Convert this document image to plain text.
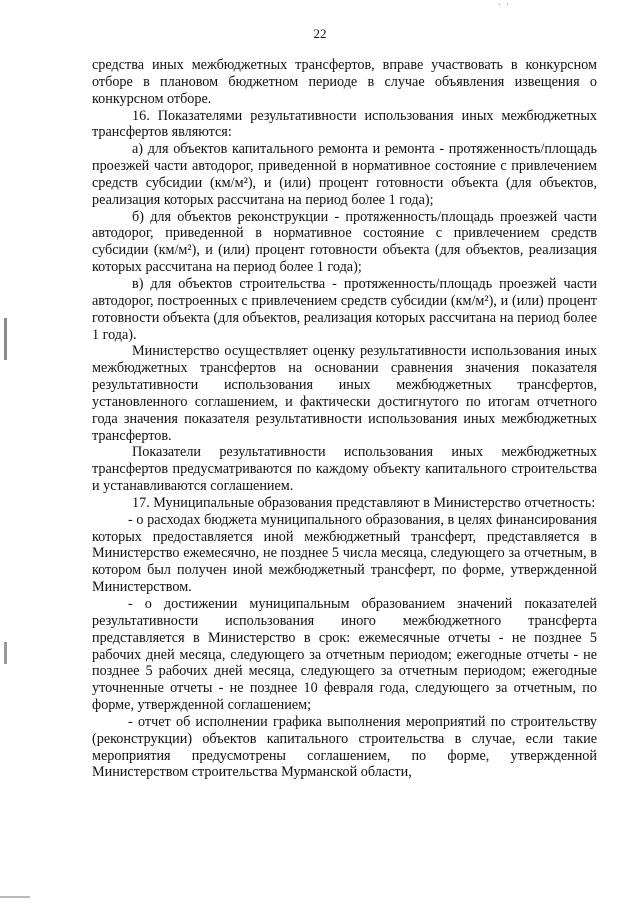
· ·
22

средства иных межбюджетных трансфертов, вправе участвовать в конкурсном отборе в плановом бюджетном периоде в случае объявления извещения о конкурсном отборе.

16. Показателями результативности использования иных межбюджетных трансфертов являются:

а) для объектов капитального ремонта и ремонта - протяженность/площадь проезжей части автодорог, приведенной в нормативное состояние с привлечением средств субсидии (км/м²), и (или) процент готовности объекта (для объектов, реализация которых рассчитана на период более 1 года);

б) для объектов реконструкции - протяженность/площадь проезжей части автодорог, приведенной в нормативное состояние с привлечением средств субсидии (км/м²), и (или) процент готовности объекта (для объектов, реализация которых рассчитана на период более 1 года);

в) для объектов строительства - протяженность/площадь проезжей части автодорог, построенных с привлечением средств субсидии (км/м²), и (или) процент готовности объекта (для объектов, реализация которых рассчитана на период более 1 года).

Министерство осуществляет оценку результативности использования иных межбюджетных трансфертов на основании сравнения значения показателя результативности использования иных межбюджетных трансфертов, установленного соглашением, и фактически достигнутого по итогам отчетного года значения показателя результативности использования иных межбюджетных трансфертов.

Показатели результативности использования иных межбюджетных трансфертов предусматриваются по каждому объекту капитального строительства и устанавливаются соглашением.

17. Муниципальные образования представляют в Министерство отчетность:

- о расходах бюджета муниципального образования, в целях финансирования которых предоставляется иной межбюджетный трансферт, представляется в Министерство ежемесячно, не позднее 5 числа месяца, следующего за отчетным, в котором был получен иной межбюджетный трансферт, по форме, утвержденной Министерством.

- о достижении муниципальным образованием значений показателей результативности использования иного межбюджетного трансферта представляется в Министерство в срок: ежемесячные отчеты - не позднее 5 рабочих дней месяца, следующего за отчетным периодом; ежегодные отчеты - не позднее 5 рабочих дней месяца, следующего за отчетным периодом; ежегодные уточненные отчеты - не позднее 10 февраля года, следующего за отчетным, по форме, утвержденной соглашением;

- отчет об исполнении графика выполнения мероприятий по строительству (реконструкции) объектов капитального строительства в случае, если такие мероприятия предусмотрены соглашением, по форме, утвержденной Министерством строительства Мурманской области,
